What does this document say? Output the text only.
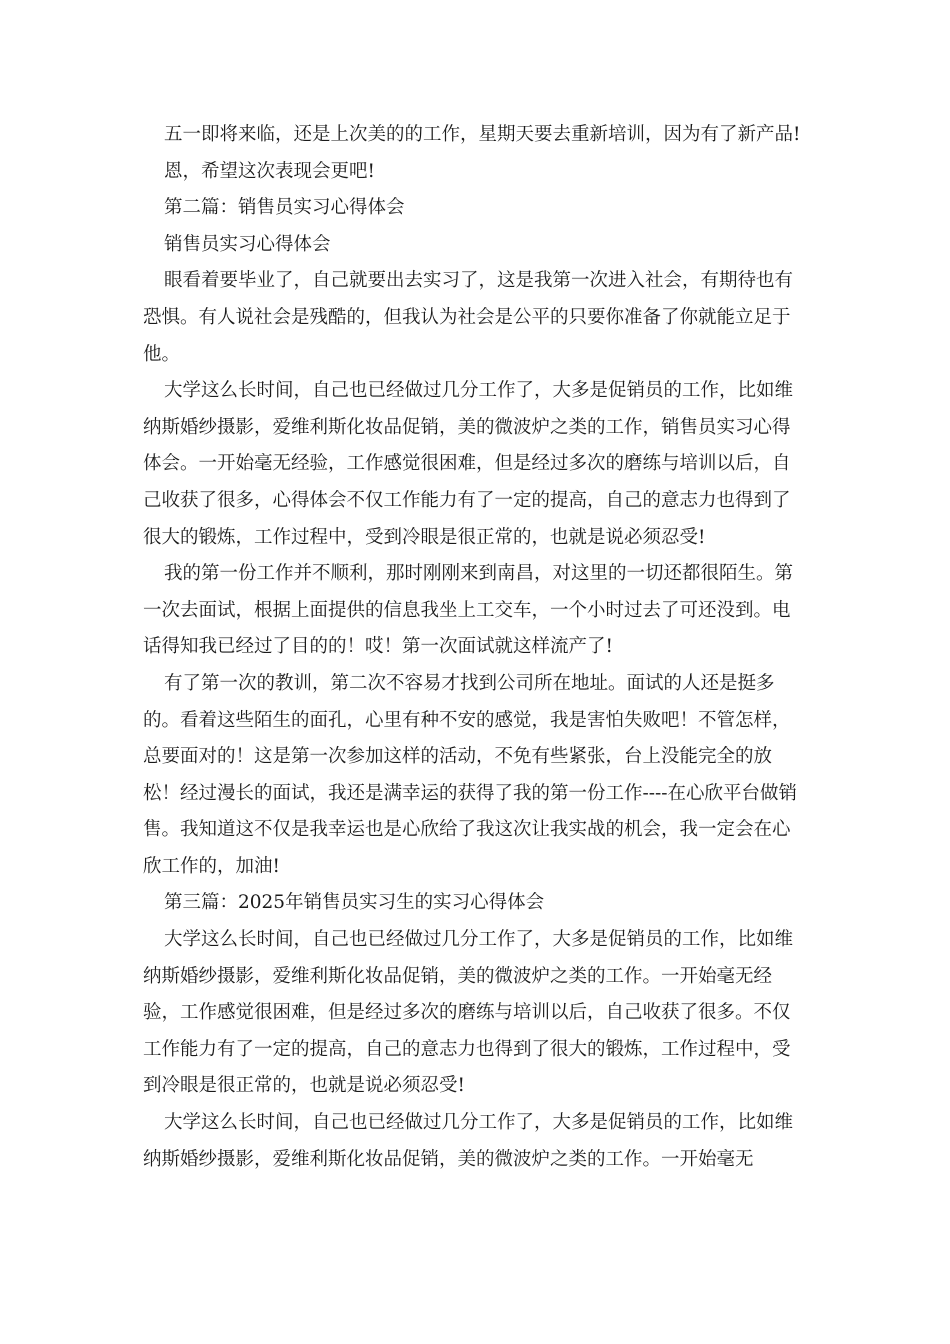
五一即将来临，还是上次美的的工作，星期天要去重新培训，因为有了新产品!

恩，希望这次表现会更吧!

第二篇：销售员实习心得体会

销售员实习心得体会

眼看着要毕业了，自己就要出去实习了，这是我第一次进入社会，有期待也有恐惧。有人说社会是残酷的，但我认为社会是公平的只要你准备了你就能立足于他。

大学这么长时间，自己也已经做过几分工作了，大多是促销员的工作，比如维纳斯婚纱摄影，爱维利斯化妆品促销，美的微波炉之类的工作，销售员实习心得体会。一开始毫无经验，工作感觉很困难，但是经过多次的磨练与培训以后，自己收获了很多，心得体会不仅工作能力有了一定的提高，自己的意志力也得到了很大的锻炼，工作过程中，受到冷眼是很正常的，也就是说必须忍受!

我的第一份工作并不顺利，那时刚刚来到南昌，对这里的一切还都很陌生。第一次去面试，根据上面提供的信息我坐上工交车，一个小时过去了可还没到。电话得知我已经过了目的的！哎！第一次面试就这样流产了!

有了第一次的教训，第二次不容易才找到公司所在地址。面试的人还是挺多的。看着这些陌生的面孔，心里有种不安的感觉，我是害怕失败吧！不管怎样，总要面对的！这是第一次参加这样的活动，不免有些紧张，台上没能完全的放松！经过漫长的面试，我还是满幸运的获得了我的第一份工作----在心欣平台做销售。我知道这不仅是我幸运也是心欣给了我这次让我实战的机会，我一定会在心欣工作的，加油!

第三篇：2025年销售员实习生的实习心得体会

大学这么长时间，自己也已经做过几分工作了，大多是促销员的工作，比如维纳斯婚纱摄影，爱维利斯化妆品促销，美的微波炉之类的工作。一开始毫无经验，工作感觉很困难，但是经过多次的磨练与培训以后，自己收获了很多。不仅工作能力有了一定的提高，自己的意志力也得到了很大的锻炼，工作过程中，受到冷眼是很正常的，也就是说必须忍受!

大学这么长时间，自己也已经做过几分工作了，大多是促销员的工作，比如维纳斯婚纱摄影，爱维利斯化妆品促销，美的微波炉之类的工作。一开始毫无
